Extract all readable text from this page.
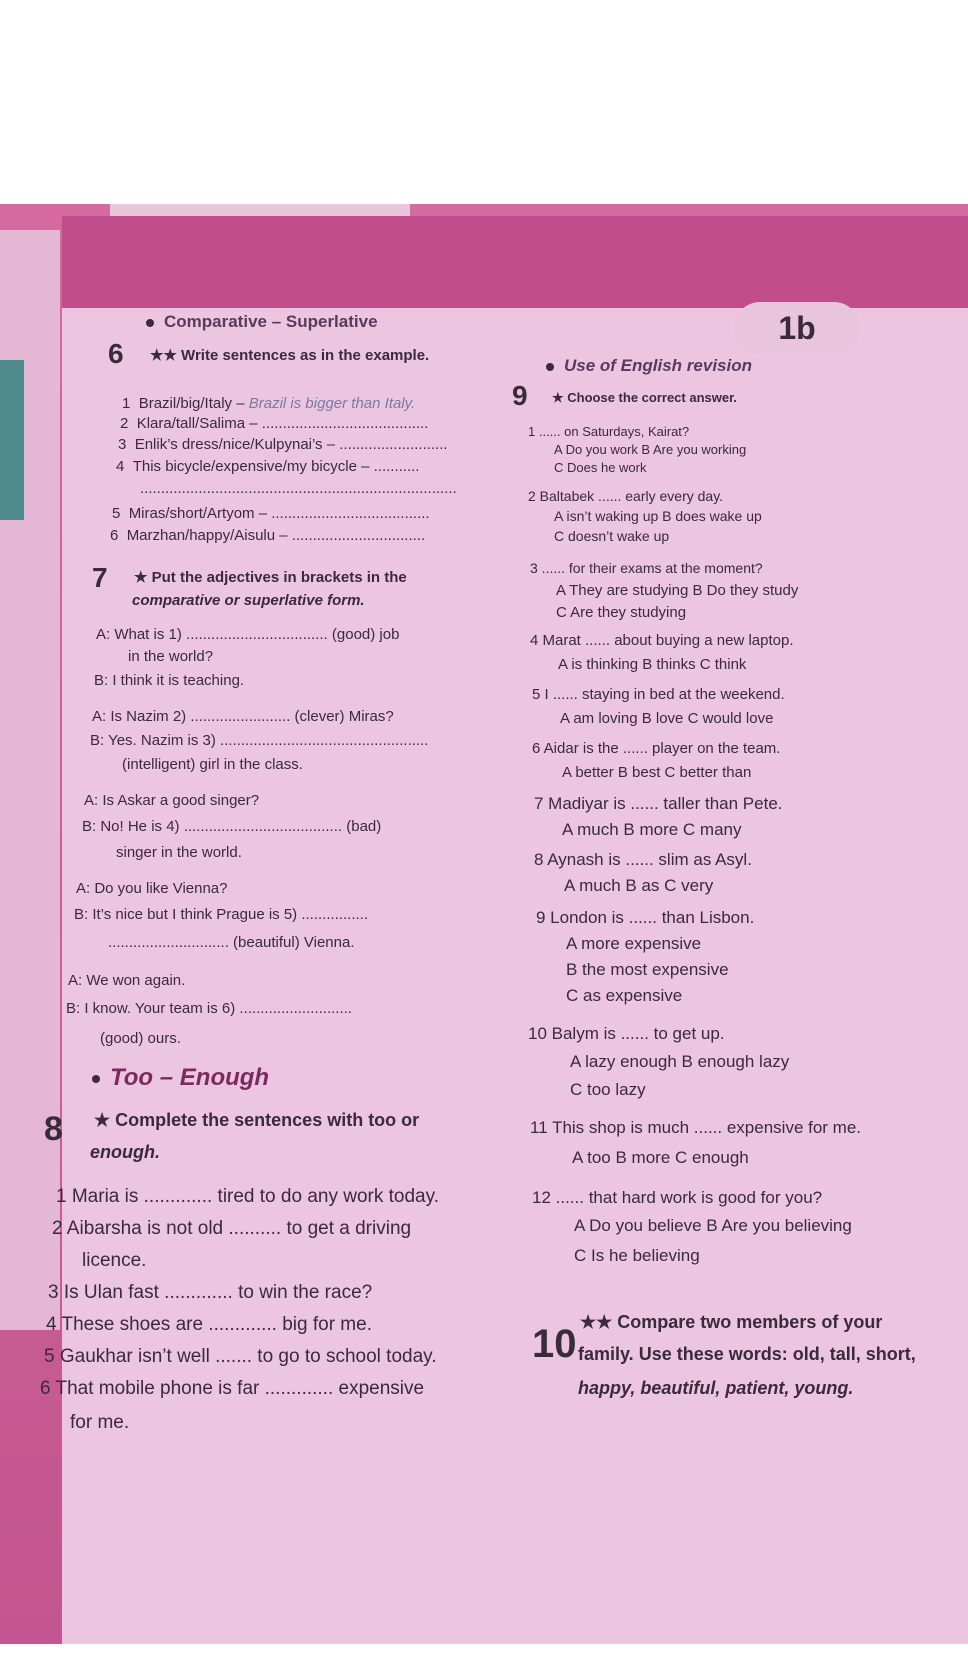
1b
Comparative – Superlative
6 ★★ Write sentences as in the example.
1 Brazil/big/Italy – Brazil is bigger than Italy.
2 Klara/tall/Salima – ........................................
3 Enlik’s dress/nice/Kulpynai’s – ..........................
4 This bicycle/expensive/my bicycle – ...........
............................................................................
5 Miras/short/Artyom – ......................................
6 Marzhan/happy/Aisulu – ................................
7 ★ Put the adjectives in brackets in the
comparative or superlative form.
A: What is 1) .................................. (good) job
in the world?
B: I think it is teaching.
A: Is Nazim 2) ........................ (clever) Miras?
B: Yes. Nazim is 3) ..................................................
(intelligent) girl in the class.
A: Is Askar a good singer?
B: No! He is 4) ...................................... (bad)
singer in the world.
A: Do you like Vienna?
B: It’s nice but I think Prague is 5) ................
............................. (beautiful) Vienna.
A: We won again.
B: I know. Your team is 6) ...........................
(good) ours.
Too – Enough
8 ★ Complete the sentences with too or
enough.
1 Maria is ............. tired to do any work today.
2 Aibarsha is not old .......... to get a driving
licence.
3 Is Ulan fast ............. to win the race?
4 These shoes are ............. big for me.
5 Gaukhar isn’t well ....... to go to school today.
6 That mobile phone is far ............. expensive
for me.
Use of English revision
9 ★ Choose the correct answer.
1 ...... on Saturdays, Kairat?
A Do you work B Are you working
C Does he work
2 Baltabek ...... early every day.
A isn’t waking up B does wake up
C doesn’t wake up
3 ...... for their exams at the moment?
A They are studying B Do they study
C Are they studying
4 Marat ...... about buying a new laptop.
A is thinking B thinks C think
5 I ...... staying in bed at the weekend.
A am loving B love C would love
6 Aidar is the ...... player on the team.
A better B best C better than
7 Madiyar is ...... taller than Pete.
A much B more C many
8 Aynash is ...... slim as Asyl.
A much B as C very
9 London is ...... than Lisbon.
A more expensive
B the most expensive
C as expensive
10 Balym is ...... to get up.
A lazy enough B enough lazy
C too lazy
11 This shop is much ...... expensive for me.
A too B more C enough
12 ...... that hard work is good for you?
A Do you believe B Are you believing
C Is he believing
10 ★★ Compare two members of your
family. Use these words: old, tall, short,
happy, beautiful, patient, young.
